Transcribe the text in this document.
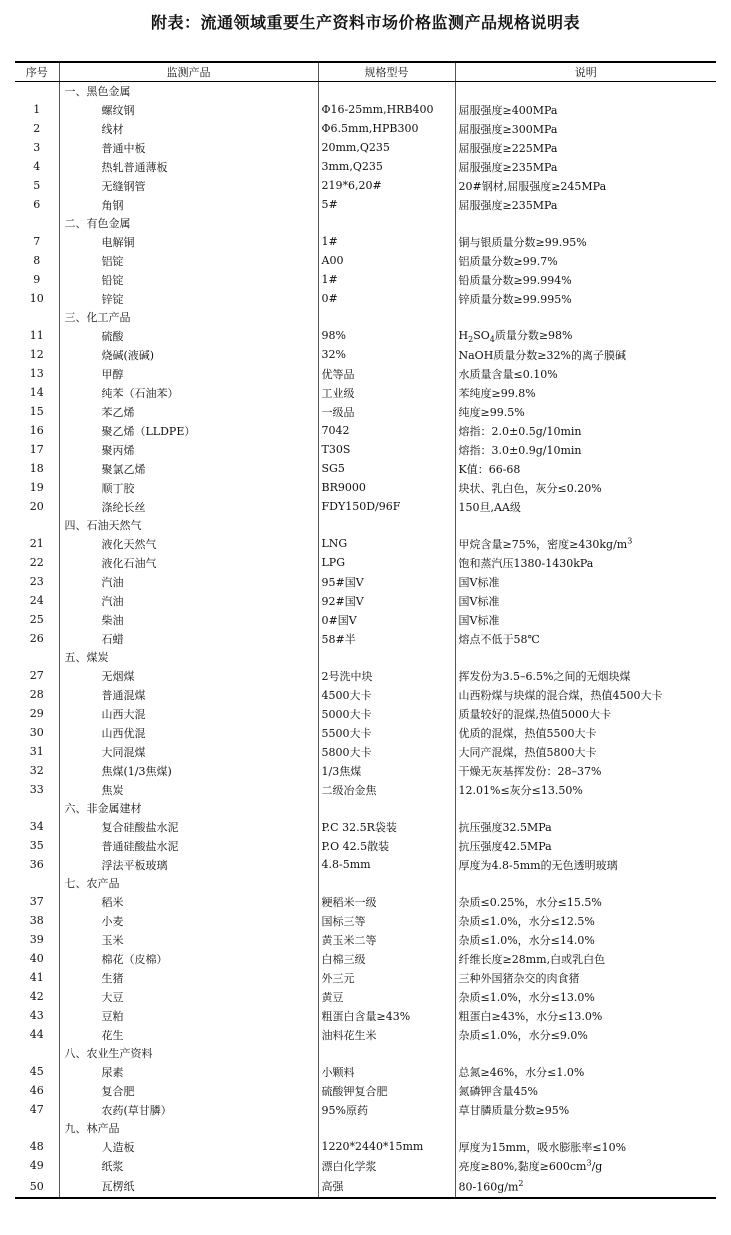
附表：流通领域重要生产资料市场价格监测产品规格说明表
序号	监测产品	规格型号	说明
	一、黑色金属		
1	螺纹钢	Φ16-25mm,HRB400	屈服强度≥400MPa
2	线材	Φ6.5mm,HPB300	屈服强度≥300MPa
3	普通中板	20mm,Q235	屈服强度≥225MPa
4	热轧普通薄板	3mm,Q235	屈服强度≥235MPa
5	无缝钢管	219*6,20#	20#钢材,屈服强度≥245MPa
6	角钢	5#	屈服强度≥235MPa
	二、有色金属		
7	电解铜	1#	铜与银质量分数≥99.95%
8	铝锭	A00	铝质量分数≥99.7%
9	铅锭	1#	铅质量分数≥99.994%
10	锌锭	0#	锌质量分数≥99.995%
	三、化工产品		
11	硫酸	98%	$H_2SO_4$质量分数≥98%
12	烧碱(液碱)	32%	NaOH质量分数≥32%的离子膜碱
13	甲醇	优等品	水质量含量≤0.10%
14	纯苯（石油苯）	工业级	苯纯度≥99.8%
15	苯乙烯	一级品	纯度≥99.5%
16	聚乙烯（LLDPE）	7042	熔指：2.0±0.5g/10min
17	聚丙烯	T30S	熔指：3.0±0.9g/10min
18	聚氯乙烯	SG5	K值：66-68
19	顺丁胶	BR9000	块状、乳白色，灰分≤0.20%
20	涤纶长丝	FDY150D/96F	150旦,AA级
	四、石油天然气		
21	液化天然气	LNG	甲烷含量≥75%，密度$\ge 430kg/m^3$
22	液化石油气	LPG	饱和蒸汽压1380-1430kPa
23	汽油	95#国Ⅴ	国Ⅴ标准
24	汽油	92#国Ⅴ	国Ⅴ标准
25	柴油	0#国Ⅴ	国Ⅴ标准
26	石蜡	58#半	熔点不低于58℃
	五、煤炭		
27	无烟煤	2号洗中块	挥发份为3.5–6.5%之间的无烟块煤
28	普通混煤	4500大卡	山西粉煤与块煤的混合煤，热值4500大卡
29	山西大混	5000大卡	质量较好的混煤,热值5000大卡
30	山西优混	5500大卡	优质的混煤，热值5500大卡
31	大同混煤	5800大卡	大同产混煤，热值5800大卡
32	焦煤(1/3焦煤)	1/3焦煤	干燥无灰基挥发份：28–37%
33	焦炭	二级冶金焦	12.01%≤灰分≤13.50%
	六、非金属建材		
34	复合硅酸盐水泥	P.C 32.5R袋装	抗压强度32.5MPa
35	普通硅酸盐水泥	P.O 42.5散装	抗压强度42.5MPa
36	浮法平板玻璃	4.8-5mm	厚度为4.8-5mm的无色透明玻璃
	七、农产品		
37	稻米	粳稻米一级	杂质≤0.25%，水分≤15.5%
38	小麦	国标三等	杂质≤1.0%，水分≤12.5%
39	玉米	黄玉米二等	杂质≤1.0%，水分≤14.0%
40	棉花（皮棉）	白棉三级	纤维长度≥28mm,白或乳白色
41	生猪	外三元	三种外国猪杂交的肉食猪
42	大豆	黄豆	杂质≤1.0%，水分≤13.0%
43	豆粕	粗蛋白含量≥43%	粗蛋白≥43%，水分≤13.0%
44	花生	油料花生米	杂质≤1.0%，水分≤9.0%
	八、农业生产资料		
45	尿素	小颗料	总氮≥46%，水分≤1.0%
46	复合肥	硫酸钾复合肥	氮磷钾含量45%
47	农药(草甘膦）	95%原药	草甘膦质量分数≥95%
	九、林产品		
48	人造板	1220*2440*15mm	厚度为15mm，吸水膨胀率≤10%
49	纸浆	漂白化学浆	亮度≥80%,黏度$\ge 600cm^3/g$
50	瓦楞纸	高强	$80-160g/m^2$
